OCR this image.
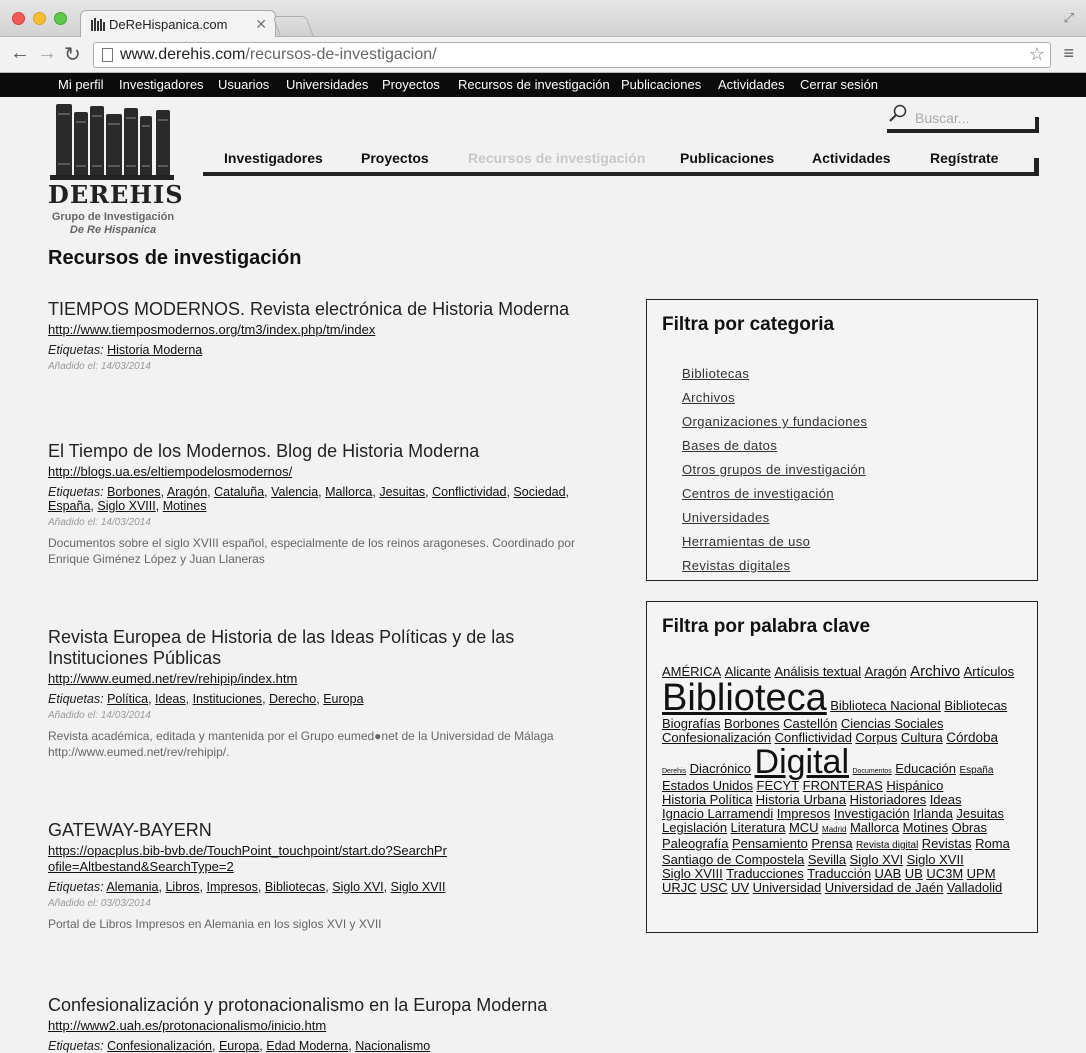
DeReHispanica.com ✕	⤢
← → ↻ www.derehis.com/recursos-de-investigacion/	☆ ≡
Mi perfil Investigadores Usuarios Universidades Proyectos Recursos de investigación Publicaciones Actividades Cerrar sesión
DEREHIS
Grupo de Investigación
De Re Hispanica
Buscar...
Investigadores	Proyectos	Recursos de investigación Publicaciones	Actividades	Regístrate
Recursos de investigación
TIEMPOS MODERNOS. Revista electrónica de Historia Moderna
http://www.tiemposmodernos.org/tm3/index.php/tm/index
Etiquetas: Historia Moderna
Añadido el: 14/03/2014
El Tiempo de los Modernos. Blog de Historia Moderna
http://blogs.ua.es/eltiempodelosmodernos/
Etiquetas: Borbones, Aragón, Cataluña, Valencia, Mallorca, Jesuitas, Conflictividad, Sociedad, España, Siglo XVIII, Motines
Añadido el: 14/03/2014
Documentos sobre el siglo XVIII español, especialmente de los reinos aragoneses. Coordinado por Enrique Giménez López y Juan Llaneras
Revista Europea de Historia de las Ideas Políticas y de las Instituciones Públicas
http://www.eumed.net/rev/rehipip/index.htm
Etiquetas: Política, Ideas, Instituciones, Derecho, Europa
Añadido el: 14/03/2014
Revista académica, editada y mantenida por el Grupo eumed●net de la Universidad de Málaga http://www.eumed.net/rev/rehipip/.
GATEWAY-BAYERN
https://opacplus.bib-bvb.de/TouchPoint_touchpoint/start.do?SearchProfile=Altbestand&SearchType=2
Etiquetas: Alemania, Libros, Impresos, Bibliotecas, Siglo XVI, Siglo XVII
Añadido el: 03/03/2014
Portal de Libros Impresos en Alemania en los siglos XVI y XVII
Confesionalización y protonacionalismo en la Europa Moderna
http://www2.uah.es/protonacionalismo/inicio.htm
Etiquetas: Confesionalización, Europa, Edad Moderna, Nacionalismo
Filtra por categoria
Bibliotecas
Archivos
Organizaciones y fundaciones
Bases de datos
Otros grupos de investigación
Centros de investigación
Universidades
Herramientas de uso
Revistas digitales
Filtra por palabra clave
AMÉRICA Alicante Análisis textual Aragón Archivo Artículos Biblioteca Biblioteca Nacional Bibliotecas Biografías Borbones Castellón Ciencias Sociales Confesionalización Conflictividad Corpus Cultura Córdoba Derehis Diacrónico Digital Documentos Educación España Estados Unidos FECYT FRONTERAS Hispánico Historia Política Historia Urbana Historiadores Ideas Ignacio Larramendi Impresos Investigación Irlanda Jesuitas Legislación Literatura MCU Madrid Mallorca Motines Obras Paleografía Pensamiento Prensa Revista digital Revistas Roma Santiago de Compostela Sevilla Siglo XVI Siglo XVII Siglo XVIII Traducciones Traducción UAB UB UC3M UPM URJC USC UV Universidad Universidad de Jaén Valladolid
